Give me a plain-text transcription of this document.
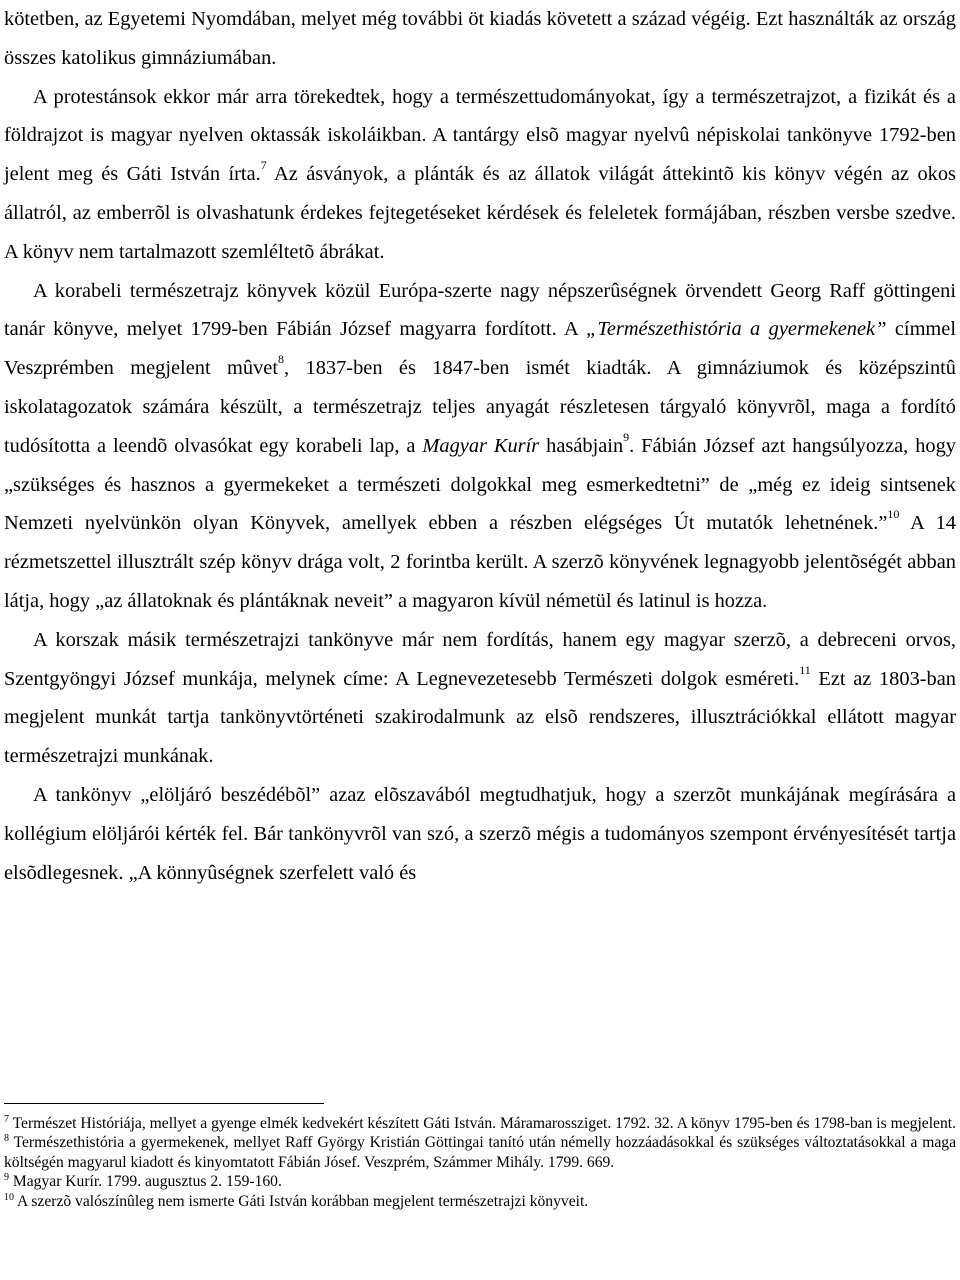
kötetben, az Egyetemi Nyomdában, melyet még további öt kiadás követett a század végéig. Ezt használták az ország összes katolikus gimnáziumában.

A protestánsok ekkor már arra törekedtek, hogy a természettudományokat, így a természetrajzot, a fizikát és a földrajzot is magyar nyelven oktassák iskoláikban. A tantárgy elsõ magyar nyelvû népiskolai tankönyve 1792-ben jelent meg és Gáti István írta.$^7$ Az ásványok, a plánták és az állatok világát áttekintõ kis könyv végén az okos állatról, az emberrõl is olvashatunk érdekes fejtegetéseket kérdések és feleletek formájában, részben versbe szedve. A könyv nem tartalmazott szemléltetõ ábrákat.

A korabeli természetrajz könyvek közül Európa-szerte nagy népszerûségnek örvendett Georg Raff göttingeni tanár könyve, melyet 1799-ben Fábián József magyarra fordított. A „Természethistória a gyermekenek” címmel Veszprémben megjelent mûvet$^8$, 1837-ben és 1847-ben ismét kiadták. A gimnáziumok és középszintû iskolatagozatok számára készült, a természetrajz teljes anyagát részletesen tárgyaló könyvrõl, maga a fordító tudósította a leendõ olvasókat egy korabeli lap, a Magyar Kurír hasábjain$^9$. Fábián József azt hangsúlyozza, hogy „szükséges és hasznos a gyermekeket a természeti dolgokkal meg esmerkedtetni” de „még ez ideig sintsenek Nemzeti nyelvünkön olyan Könyvek, amellyek ebben a részben elégséges Út mutatók lehetnének.”$^{10}$ A 14 rézmetszettel illusztrált szép könyv drága volt, 2 forintba került. A szerzõ könyvének legnagyobb jelentõségét abban látja, hogy „az állatoknak és plántáknak neveit” a magyaron kívül németül és latinul is hozza.

A korszak másik természetrajzi tankönyve már nem fordítás, hanem egy magyar szerzõ, a debreceni orvos, Szentgyöngyi József munkája, melynek címe: A Legnevezetesebb Természeti dolgok esméreti.$^{11}$ Ezt az 1803-ban megjelent munkát tartja tankönyvtörténeti szakirodalmunk az elsõ rendszeres, illusztrációkkal ellátott magyar természetrajzi munkának.

A tankönyv „elöljáró beszédébõl” azaz elõszavából megtudhatjuk, hogy a szerzõt munkájának megírására a kollégium elöljárói kérték fel. Bár tankönyvrõl van szó, a szerzõ mégis a tudományos szempont érvényesítését tartja elsõdlegesnek. „A könnyûségnek szerfelett való és

$^7$ Természet Históriája, mellyet a gyenge elmék kedvekért készített Gáti István. Máramarossziget. 1792. 32. A könyv 1795-ben és 1798-ban is megjelent.

$^8$ Természethistória a gyermekenek, mellyet Raff György Kristián Göttingai tanító után némelly hozzáadásokkal és szükséges változtatásokkal a maga költségén magyarul kiadott és kinyomtatott Fábián Jósef. Veszprém, Számmer Mihály. 1799. 669.

$^9$ Magyar Kurír. 1799. augusztus 2. 159-160.

$^{10}$ A szerzõ valószínûleg nem ismerte Gáti István korábban megjelent természetrajzi könyveit.
